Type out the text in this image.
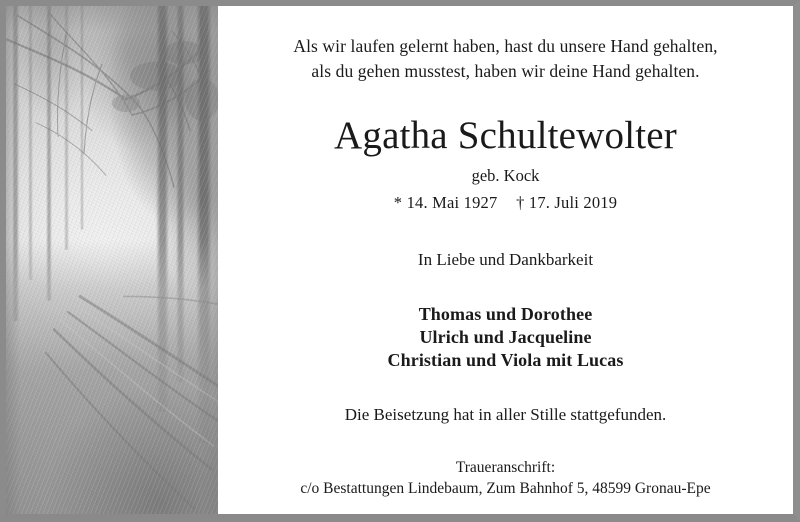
Als wir laufen gelernt haben, hast du unsere Hand gehalten,
als du gehen musstest, haben wir deine Hand gehalten.
Agatha Schultewolter
geb. Kock
* 14. Mai 1927 † 17. Juli 2019
In Liebe und Dankbarkeit
Thomas und Dorothee
Ulrich und Jacqueline
Christian und Viola mit Lucas
Die Beisetzung hat in aller Stille stattgefunden.
Traueranschrift:
c/o Bestattungen Lindebaum, Zum Bahnhof 5, 48599 Gronau-Epe
